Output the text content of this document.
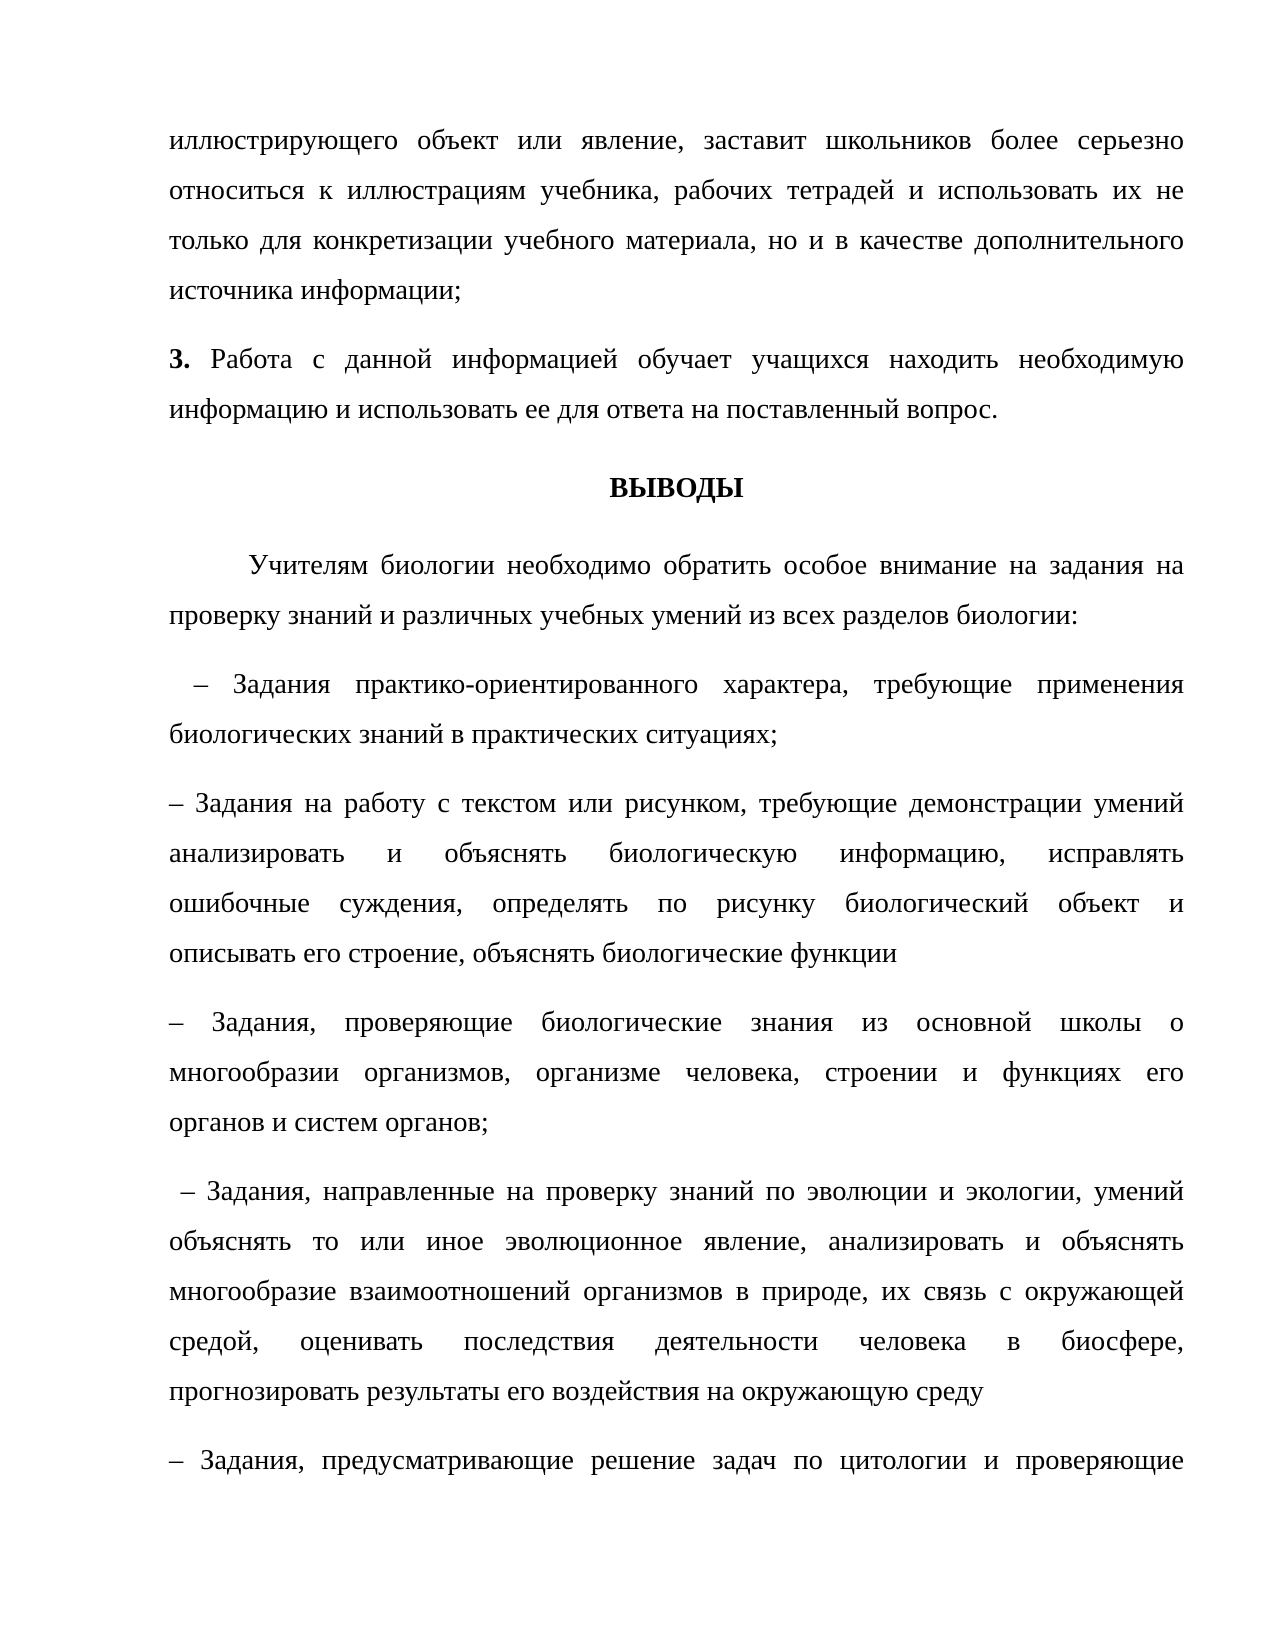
иллюстрирующего объект или явление, заставит школьников более серьезно
относиться к иллюстрациям учебника, рабочих тетрадей и использовать их не
только для конкретизации учебного материала, но и в качестве дополнительного
источника информации;
3. Работа с данной информацией обучает учащихся находить необходимую
информацию и использовать ее для ответа на поставленный вопрос.
ВЫВОДЫ
Учителям биологии необходимо обратить особое внимание на задания на
проверку знаний и различных учебных умений из всех разделов биологии:
– Задания практико-ориентированного характера, требующие применения
биологических знаний в практических ситуациях;
– Задания на работу с текстом или рисунком, требующие демонстрации умений
анализировать и объяснять биологическую информацию, исправлять
ошибочные суждения, определять по рисунку биологический объект и
описывать его строение, объяснять биологические функции
– Задания, проверяющие биологические знания из основной школы о
многообразии организмов, организме человека, строении и функциях его
органов и систем органов;
– Задания, направленные на проверку знаний по эволюции и экологии, умений
объяснять то или иное эволюционное явление, анализировать и объяснять
многообразие взаимоотношений организмов в природе, их связь с окружающей
средой, оценивать последствия деятельности человека в биосфере,
прогнозировать результаты его воздействия на окружающую среду
– Задания, предусматривающие решение задач по цитологии и проверяющие
